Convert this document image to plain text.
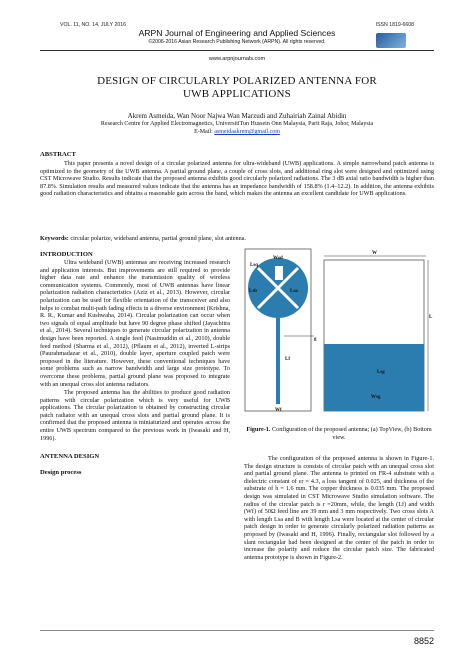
VOL. 11, NO. 14, JULY 2016	ISSN 1819-6608
ARPN Journal of Engineering and Applied Sciences
©2006-2016 Asian Research Publishing Network (ARPN). All rights reserved.
www.arpnjournals.com
DESIGN OF CIRCULARLY POLARIZED ANTENNA FOR
UWB APPLICATIONS
Akrem Asmeida, Wan Noor Najwa Wan Marzudi and Zuhairiah Zainal Abidin
Research Centre for Applied Electromagnetics, UniversitiTun Hussein Onn Malaysia, Parit Raja, Johor, Malaysia
E-Mail: asmeidaakrem@gmail.com
ABSTRACT

This paper presents a novel design of a circular polarized antenna for ultra-wideband (UWB) applications. A simple narrowband patch antenna is optimized to the geometry of the UWB antenna. A partial ground plane, a couple of cross slots, and additional ring slot were designed and optimized using CST Microwave Studio. Results indicate that the proposed antenna exhibits good circularly polarized radiations. The 3 dB axial ratio bandwidth is higher than 87.8%. Simulation results and measured values indicate that the antenna has an impedance bandwidth of 158.8% (1.4–12.2). In addition, the antenna exhibits good radiation characteristics and obtains a reasonable gain across the band, which makes the antenna an excellent candidate for UWB applications.

Keywords: circular polarize, wideband antenna, partial ground plane, slot antenna.
INTRODUCTION

Ultra wideband (UWB) antennas are receiving increased research and application interests. But improvements are still required to provide higher data rate and enhance the transmission quality of wireless communication systems. Commonly, most of UWB antennas have linear polarization radiation characteristics (Aziz et al., 2013). However, circular polarization can be used for flexible orientation of the transceiver and also helps to combat multi-path fading effects in a diverse environment (Krishna, R. R., Kumar and Kushwaha, 2014). Circular polarization can occur when two signals of equal amplitude but have 90 degree phase shifted (Jayachitra et al., 2014). Several techniques to generate circular polarization in antenna design have been reported. A single feed (Nasimuddin et al., 2010), double feed method (Sharma et al., 2012), (Pflaum et al., 2012), inverted L-strips (Paurahmadazar et al., 2010), double layer, aperture coupled patch were proposed in the literature. However, these conventional techniques have some problems such as narrow bandwidth and large size prototype. To overcome these problems, partial ground plane was proposed to integrate with an unequal cross slot antenna radiators.

The proposed antenna has the abilities to produce good radiation patterns with circular polarization which is very useful for UWB applications. The circular polarization is obtained by constructing circular patch radiator with an unequal cross slots and partial ground plane. It is confirmed that the proposed antenna is miniaturized and operates across the entire UWB spectrum compared to the previous work in (Iwasaki and H, 1996).

ANTENNA DESIGN
Design process
Lsq
Wsd
Lsb	Lsa
Lf
Wf
g
W
L
Lsg
Wsg
Figure-1. Configuration of the proposed antenna; (a) TopView, (b) Bottom view.

The configuration of the proposed antenna is shown in Figure-1. The design structure is consists of circular patch with an unequal cross slot and partial ground plane. The antenna is printed on FR-4 substrate with a dielectric constant of εr = 4.3, a loss tangent of 0.025, and thickness of the substrate of h = 1.6 mm. The copper thickness is 0.035 mm. The proposed design was simulated in CST Microwave Studio simulation software. The radius of the circular patch is r =20mm, while, the length (Lf) and width (Wf) of 50Ω feed line are 39 mm and 3 mm respectively. Two cross slots A with length Lsa and B with length Lsa were located at the center of circular patch design in order to generate circularly polarized radiation patterns as proposed by (Iwasaki and H, 1996). Finally, rectangular slot followed by a slant rectangular had been designed at the center of the patch in order to increase the polarity and reduce the circular patch size. The fabricated antenna prototype is shown in Figure-2.

8852
